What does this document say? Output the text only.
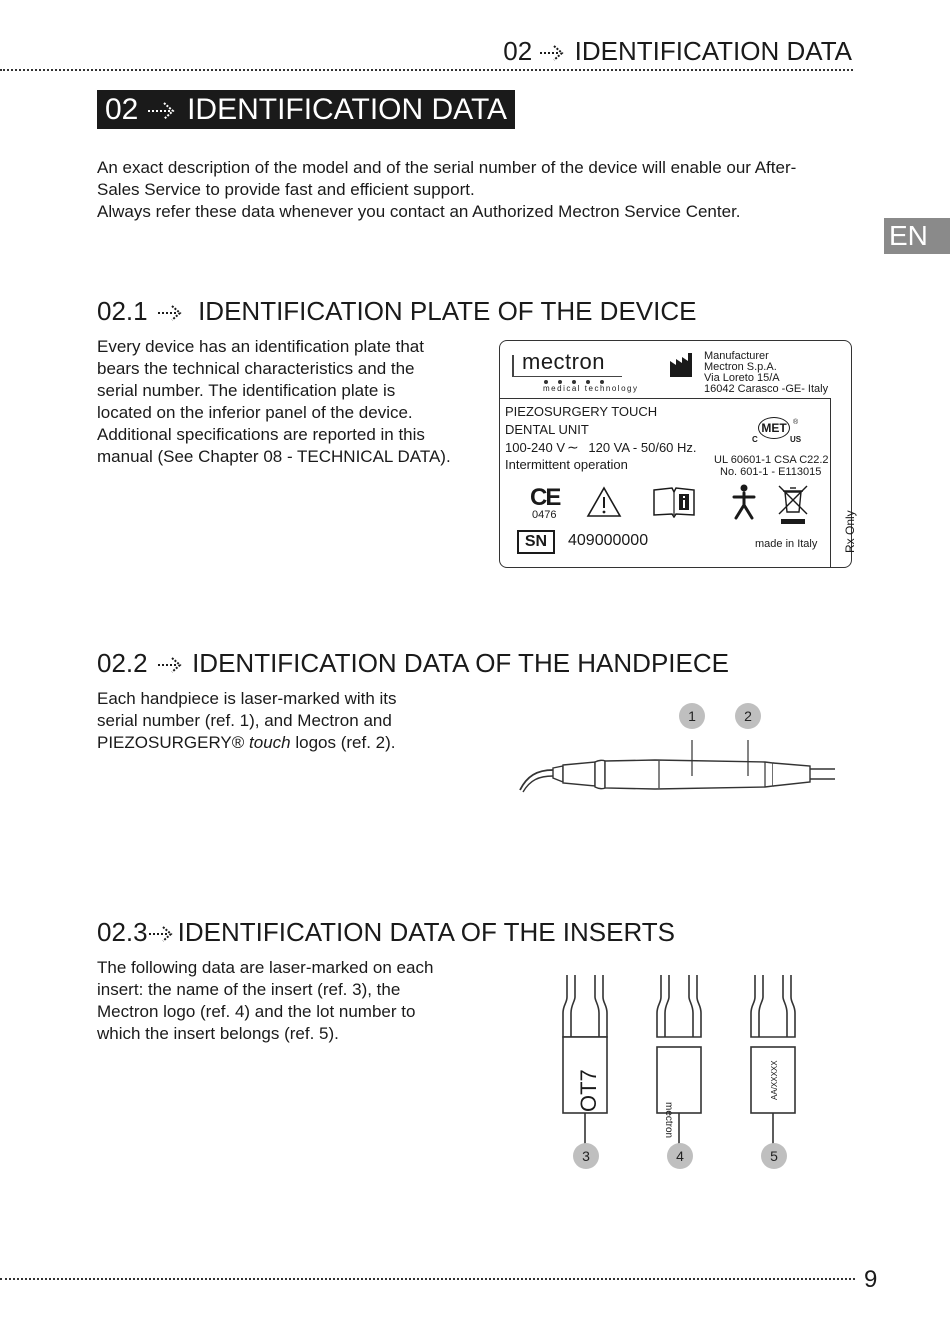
02 IDENTIFICATION DATA
02 IDENTIFICATION DATA
EN
An exact description of the model and of the serial number of the device will enable our After-
Sales Service to provide fast and efficient support.
Always refer these data whenever you contact an Authorized Mectron Service Center.
02.1 IDENTIFICATION PLATE OF THE DEVICE
Every device has an identification plate that
bears the technical characteristics and the
serial number. The identification plate is
located on the inferior panel of the device.
Additional specifications are reported in this
manual (See Chapter 08 - TECHNICAL DATA).
mectron
medical technology
Manufacturer
Mectron S.p.A.
Via Loreto 15/A
16042 Carasco -GE- Italy
PIEZOSURGERY TOUCH
DENTAL UNIT
100-240 V ∼ 120 VA - 50/60 Hz.
Intermittent operation
C
MET ®
US
UL 60601-1 CSA C22.2
No. 601-1 - E113015
CE
0476
SN	409000000	made in Italy Rx Only
02.2 IDENTIFICATION DATA OF THE HANDPIECE
Each handpiece is laser-marked with its
serial number (ref. 1), and Mectron and
PIEZOSURGERY® touch logos (ref. 2).
1	2
02.3 IDENTIFICATION DATA OF THE INSERTS
The following data are laser-marked on each
insert: the name of the insert (ref. 3), the
Mectron logo (ref. 4) and the lot number to
which the insert belongs (ref. 5).
OT7
mectron
AA/XXXXX
3	4	5
9
